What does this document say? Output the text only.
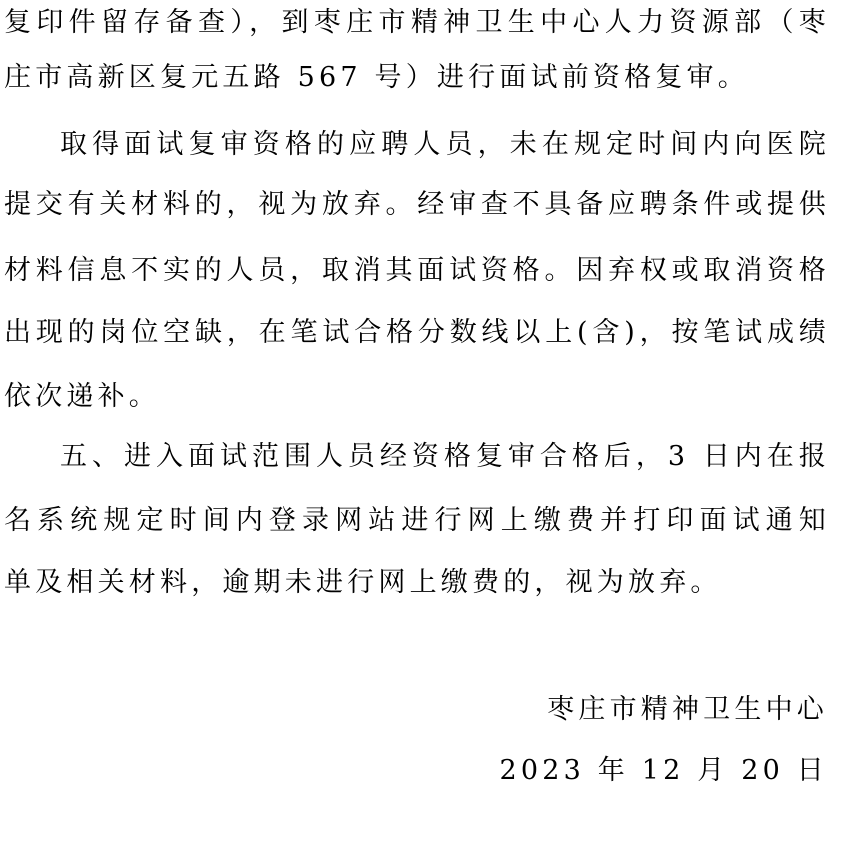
复印件留存备查），到枣庄市精神卫生中心人力资源部（枣
庄市高新区复元五路 567 号）进行面试前资格复审。
取得面试复审资格的应聘人员，未在规定时间内向医院
提交有关材料的，视为放弃。经审查不具备应聘条件或提供
材料信息不实的人员，取消其面试资格。因弃权或取消资格
出现的岗位空缺，在笔试合格分数线以上(含)，按笔试成绩
依次递补。
五、进入面试范围人员经资格复审合格后，3 日内在报
名系统规定时间内登录网站进行网上缴费并打印面试通知
单及相关材料，逾期未进行网上缴费的，视为放弃。
枣庄市精神卫生中心
2023 年 12 月 20 日
